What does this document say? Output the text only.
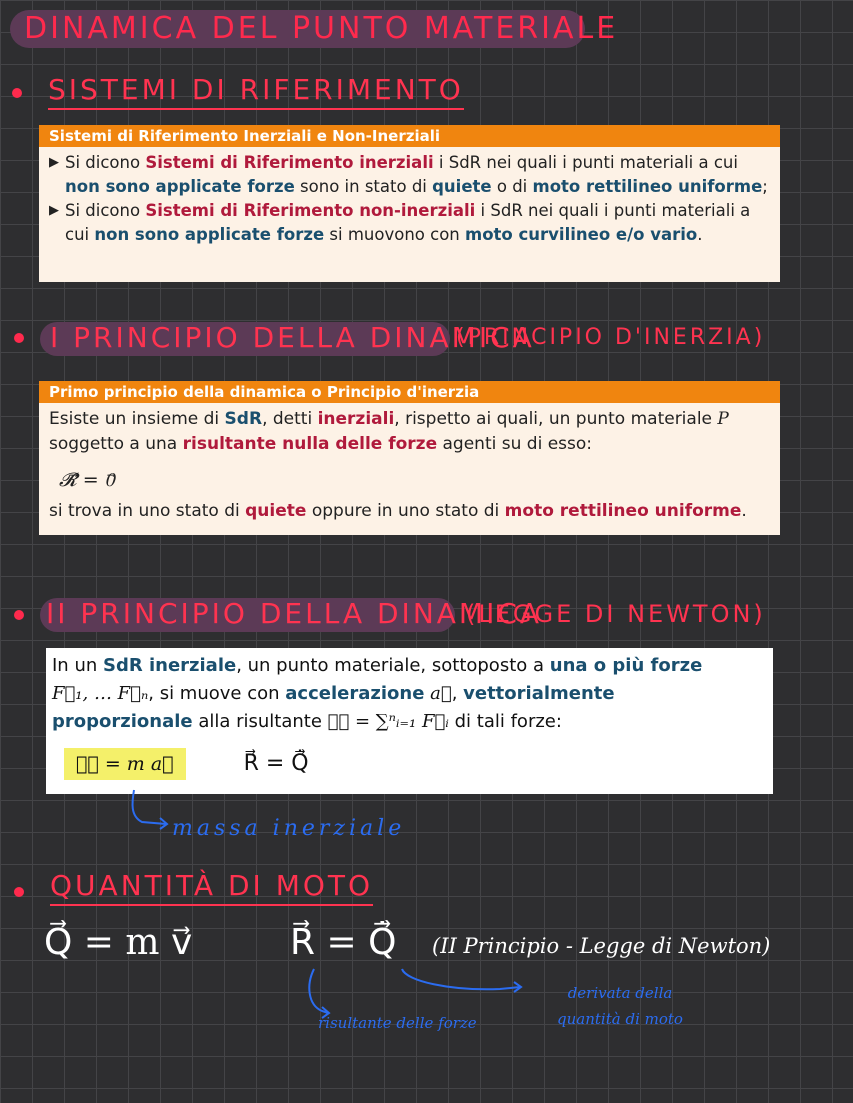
DINAMICA DEL PUNTO MATERIALE
SISTEMI DI RIFERIMENTO
Sistemi di Riferimento Inerziali e Non-Inerziali
▶ Si dicono Sistemi di Riferimento inerziali i SdR nei quali i punti materiali a cui non sono applicate forze sono in stato di quiete o di moto rettilineo uniforme;
▶ Si dicono Sistemi di Riferimento non-inerziali i SdR nei quali i punti materiali a cui non sono applicate forze si muovono con moto curvilineo e/o vario.
I PRINCIPIO DELLA DINAMICA
(PRINCIPIO D'INERZIA)
Primo principio della dinamica o Principio d'inerzia
Esiste un insieme di SdR, detti inerziali, rispetto ai quali, un punto materiale P
soggetto a una risultante nulla delle forze agenti su di esso:
𝓡⃗ = 0⃗
si trova in uno stato di quiete oppure in uno stato di moto rettilineo uniforme.
II PRINCIPIO DELLA DINAMICA
(LEGGE DI NEWTON)
In un SdR inerziale, un punto materiale, sottoposto a una o più forze
F⃗₁, … F⃗ₙ, si muove con accelerazione a⃗, vettorialmente
proporzionale alla risultante 𝓡⃗ = ∑ⁿᵢ₌₁ F⃗ᵢ di tali forze:
𝓡⃗ = m a⃗	R⃗ = Q̇⃗
massa inerziale
QUANTITÀ DI MOTO
Q⃗ = m v⃗	R⃗ = Q̇⃗ (II Principio - Legge di Newton)
derivata della quantità di moto
risultante delle forze
